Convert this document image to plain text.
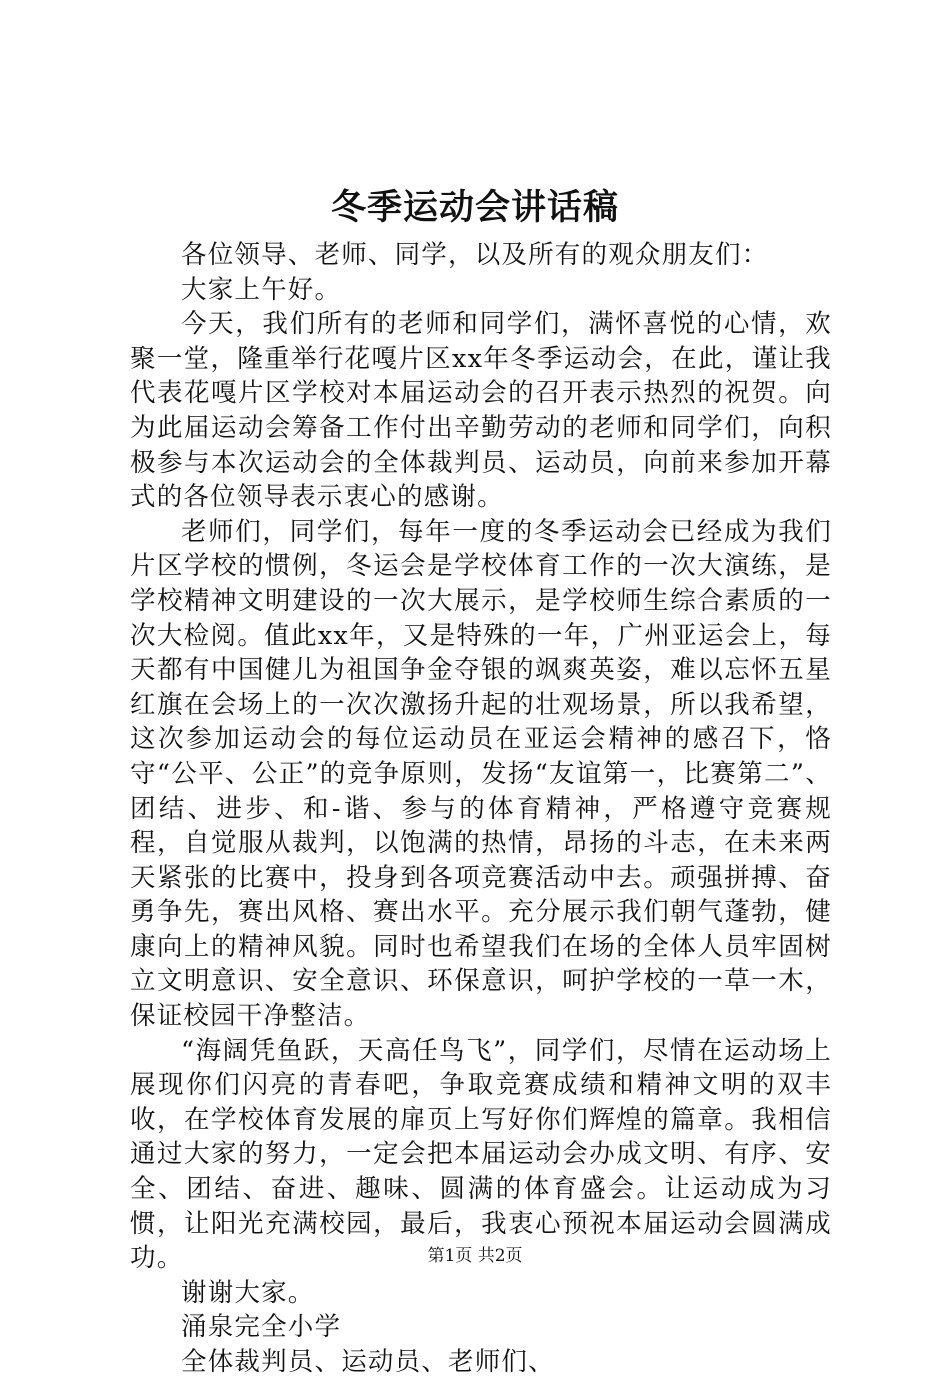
冬季运动会讲话稿

各位领导、老师、同学，以及所有的观众朋友们：

大家上午好。

今天，我们所有的老师和同学们，满怀喜悦的心情，欢聚一堂，隆重举行花嘎片区xx年冬季运动会，在此，谨让我代表花嘎片区学校对本届运动会的召开表示热烈的祝贺。向为此届运动会筹备工作付出辛勤劳动的老师和同学们，向积极参与本次运动会的全体裁判员、运动员，向前来参加开幕式的各位领导表示衷心的感谢。

老师们，同学们，每年一度的冬季运动会已经成为我们片区学校的惯例，冬运会是学校体育工作的一次大演练，是学校精神文明建设的一次大展示，是学校师生综合素质的一次大检阅。值此xx年，又是特殊的一年，广州亚运会上，每天都有中国健儿为祖国争金夺银的飒爽英姿，难以忘怀五星红旗在会场上的一次次激扬升起的壮观场景，所以我希望，这次参加运动会的每位运动员在亚运会精神的感召下，恪守“公平、公正”的竞争原则，发扬“友谊第一，比赛第二”、团结、进步、和-谐、参与的体育精神，严格遵守竞赛规程，自觉服从裁判，以饱满的热情，昂扬的斗志，在未来两天紧张的比赛中，投身到各项竞赛活动中去。顽强拼搏、奋勇争先，赛出风格、赛出水平。充分展示我们朝气蓬勃，健康向上的精神风貌。同时也希望我们在场的全体人员牢固树立文明意识、安全意识、环保意识，呵护学校的一草一木，保证校园干净整洁。

“海阔凭鱼跃，天高任鸟飞”，同学们，尽情在运动场上展现你们闪亮的青春吧，争取竞赛成绩和精神文明的双丰收，在学校体育发展的扉页上写好你们辉煌的篇章。我相信通过大家的努力，一定会把本届运动会办成文明、有序、安全、团结、奋进、趣味、圆满的体育盛会。让运动成为习惯，让阳光充满校园，最后，我衷心预祝本届运动会圆满成功。

谢谢大家。

涌泉完全小学

全体裁判员、运动员、老师们、

第1页 共2页
